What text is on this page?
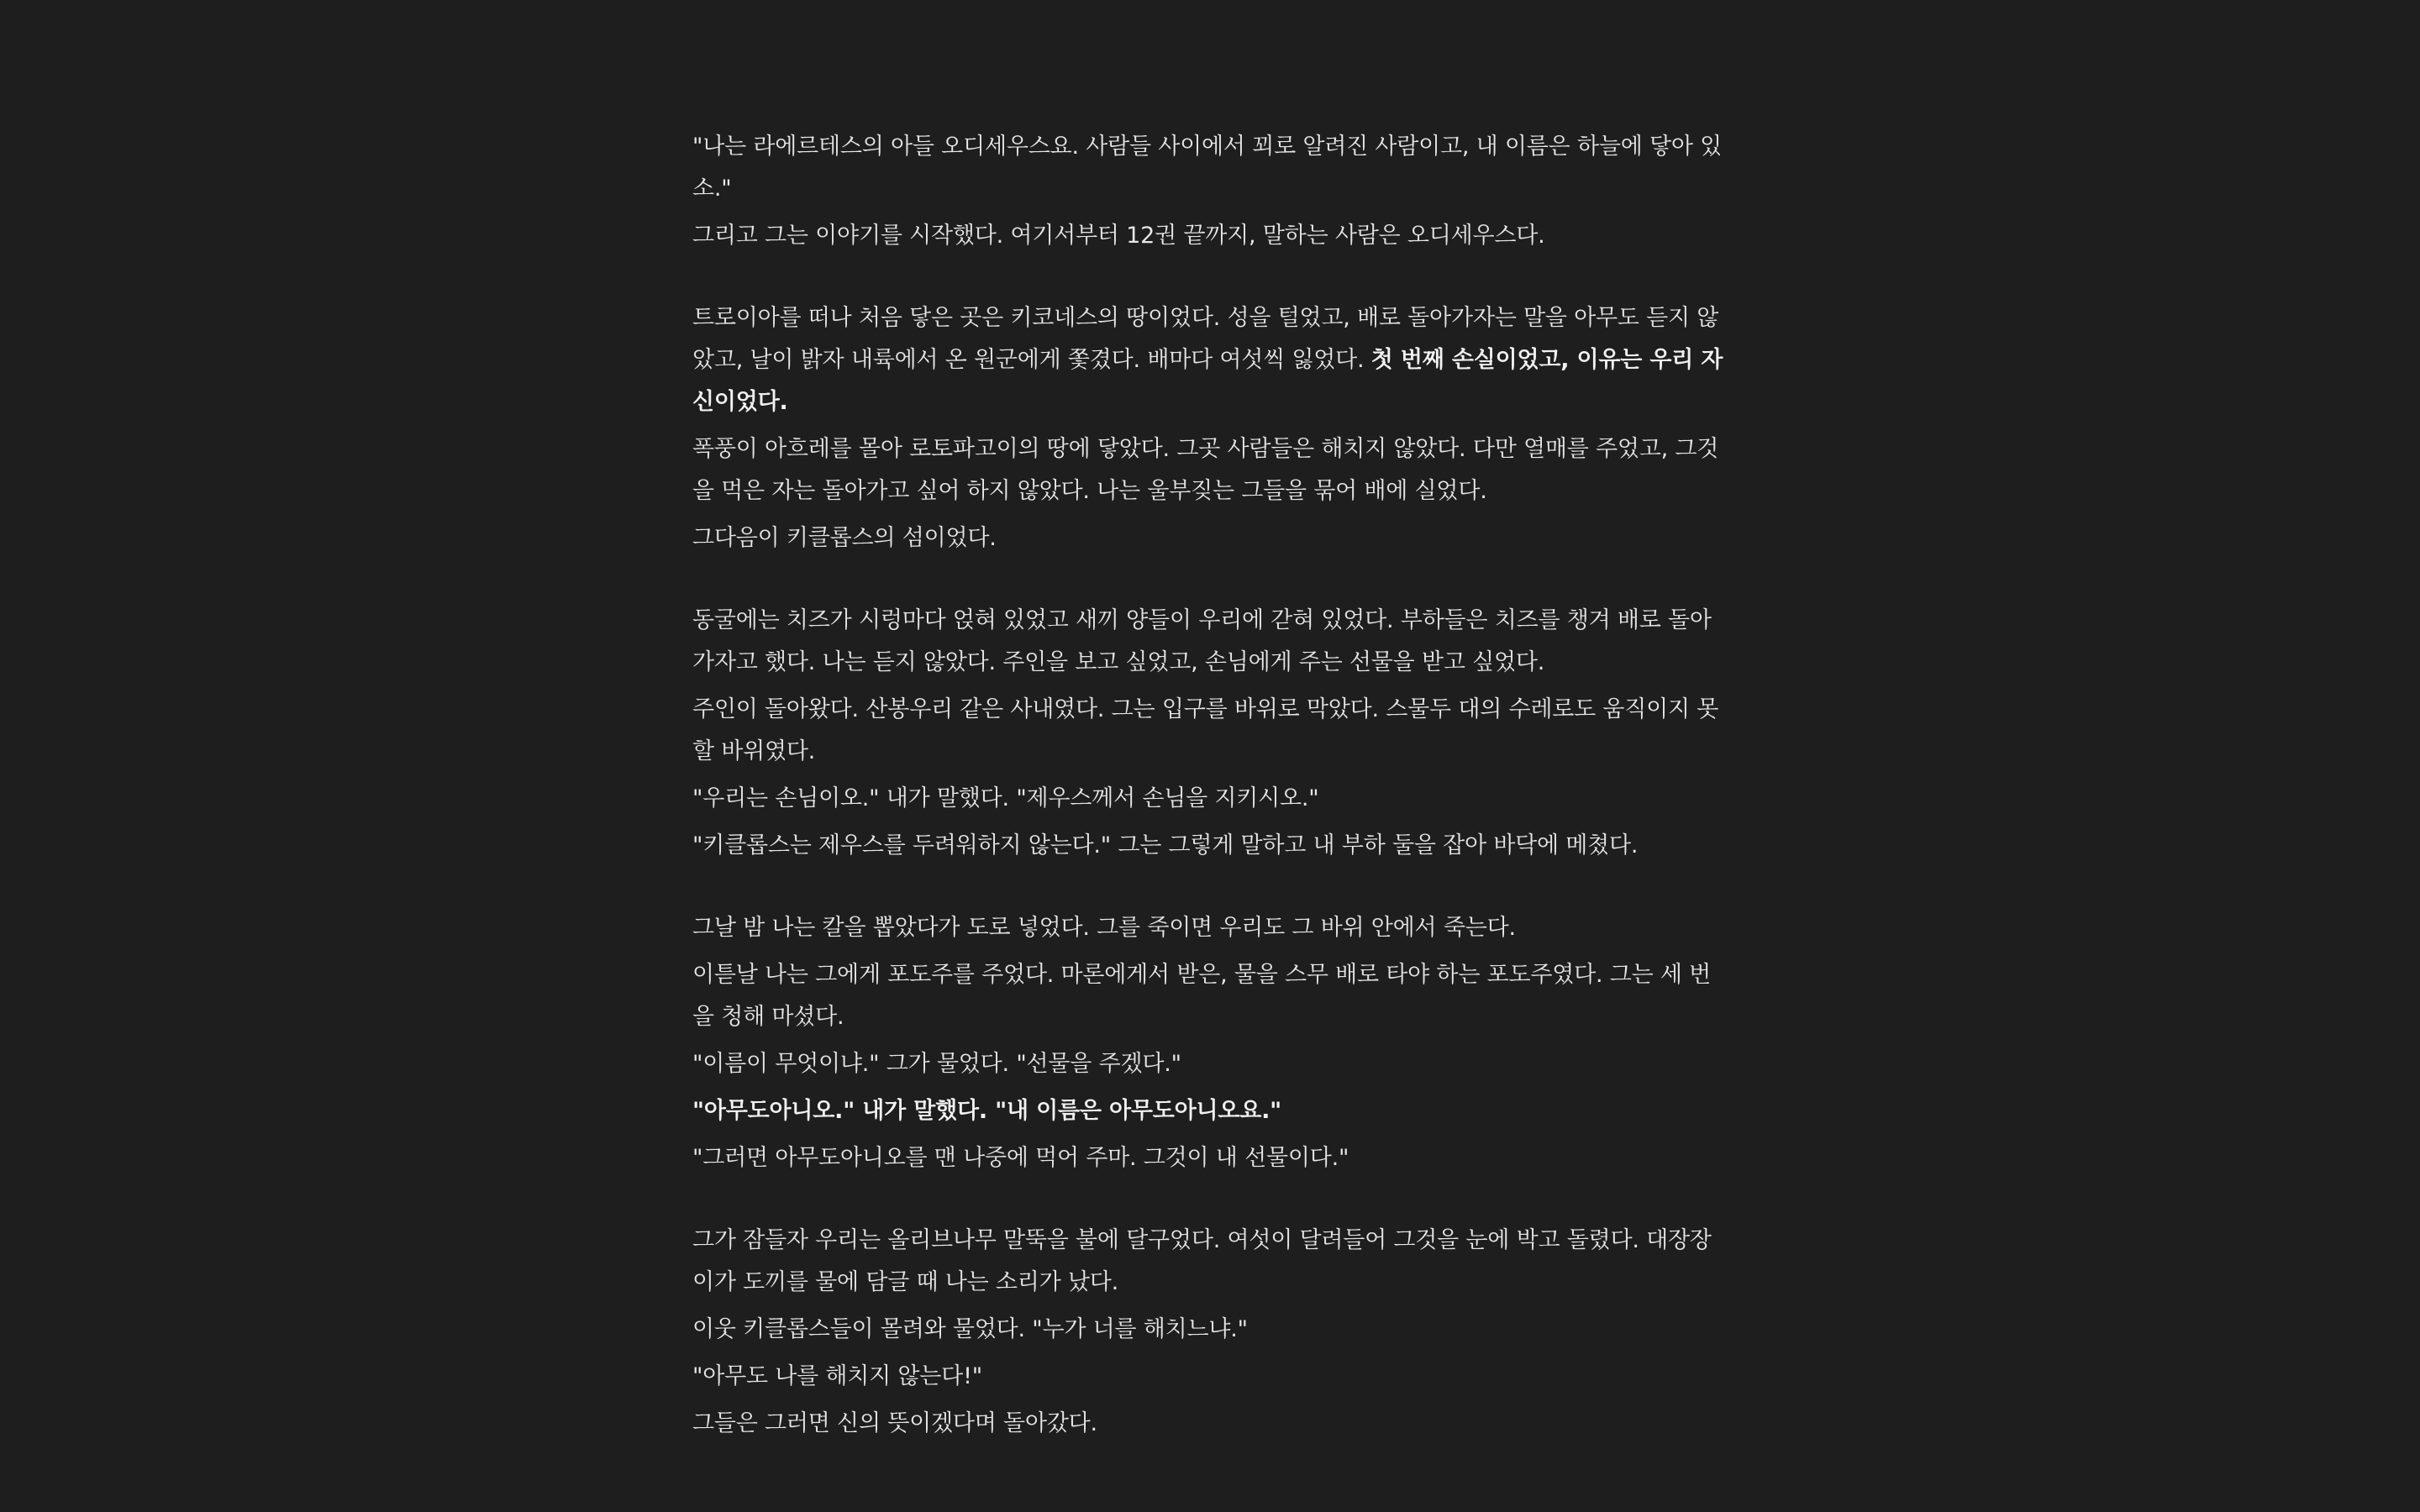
"나는 라에르테스의 아들 오디세우스요. 사람들 사이에서 꾀로 알려진 사람이고, 내 이름은 하늘에 닿아 있소."

그리고 그는 이야기를 시작했다. 여기서부터 12권 끝까지, 말하는 사람은 오디세우스다.

트로이아를 떠나 처음 닿은 곳은 키코네스의 땅이었다. 성을 털었고, 배로 돌아가자는 말을 아무도 듣지 않았고, 날이 밝자 내륙에서 온 원군에게 쫓겼다. 배마다 여섯씩 잃었다. 첫 번째 손실이었고, 이유는 우리 자신이었다.

폭풍이 아흐레를 몰아 로토파고이의 땅에 닿았다. 그곳 사람들은 해치지 않았다. 다만 열매를 주었고, 그것을 먹은 자는 돌아가고 싶어 하지 않았다. 나는 울부짖는 그들을 묶어 배에 실었다.

그다음이 키클롭스의 섬이었다.

동굴에는 치즈가 시렁마다 얹혀 있었고 새끼 양들이 우리에 갇혀 있었다. 부하들은 치즈를 챙겨 배로 돌아가자고 했다. 나는 듣지 않았다. 주인을 보고 싶었고, 손님에게 주는 선물을 받고 싶었다.

주인이 돌아왔다. 산봉우리 같은 사내였다. 그는 입구를 바위로 막았다. 스물두 대의 수레로도 움직이지 못할 바위였다.

"우리는 손님이오." 내가 말했다. "제우스께서 손님을 지키시오."

"키클롭스는 제우스를 두려워하지 않는다." 그는 그렇게 말하고 내 부하 둘을 잡아 바닥에 메쳤다.

그날 밤 나는 칼을 뽑았다가 도로 넣었다. 그를 죽이면 우리도 그 바위 안에서 죽는다.

이튿날 나는 그에게 포도주를 주었다. 마론에게서 받은, 물을 스무 배로 타야 하는 포도주였다. 그는 세 번을 청해 마셨다.

"이름이 무엇이냐." 그가 물었다. "선물을 주겠다."

"아무도아니오." 내가 말했다. "내 이름은 아무도아니오요."

"그러면 아무도아니오를 맨 나중에 먹어 주마. 그것이 내 선물이다."

그가 잠들자 우리는 올리브나무 말뚝을 불에 달구었다. 여섯이 달려들어 그것을 눈에 박고 돌렸다. 대장장이가 도끼를 물에 담글 때 나는 소리가 났다.

이웃 키클롭스들이 몰려와 물었다. "누가 너를 해치느냐."

"아무도 나를 해치지 않는다!"

그들은 그러면 신의 뜻이겠다며 돌아갔다.
